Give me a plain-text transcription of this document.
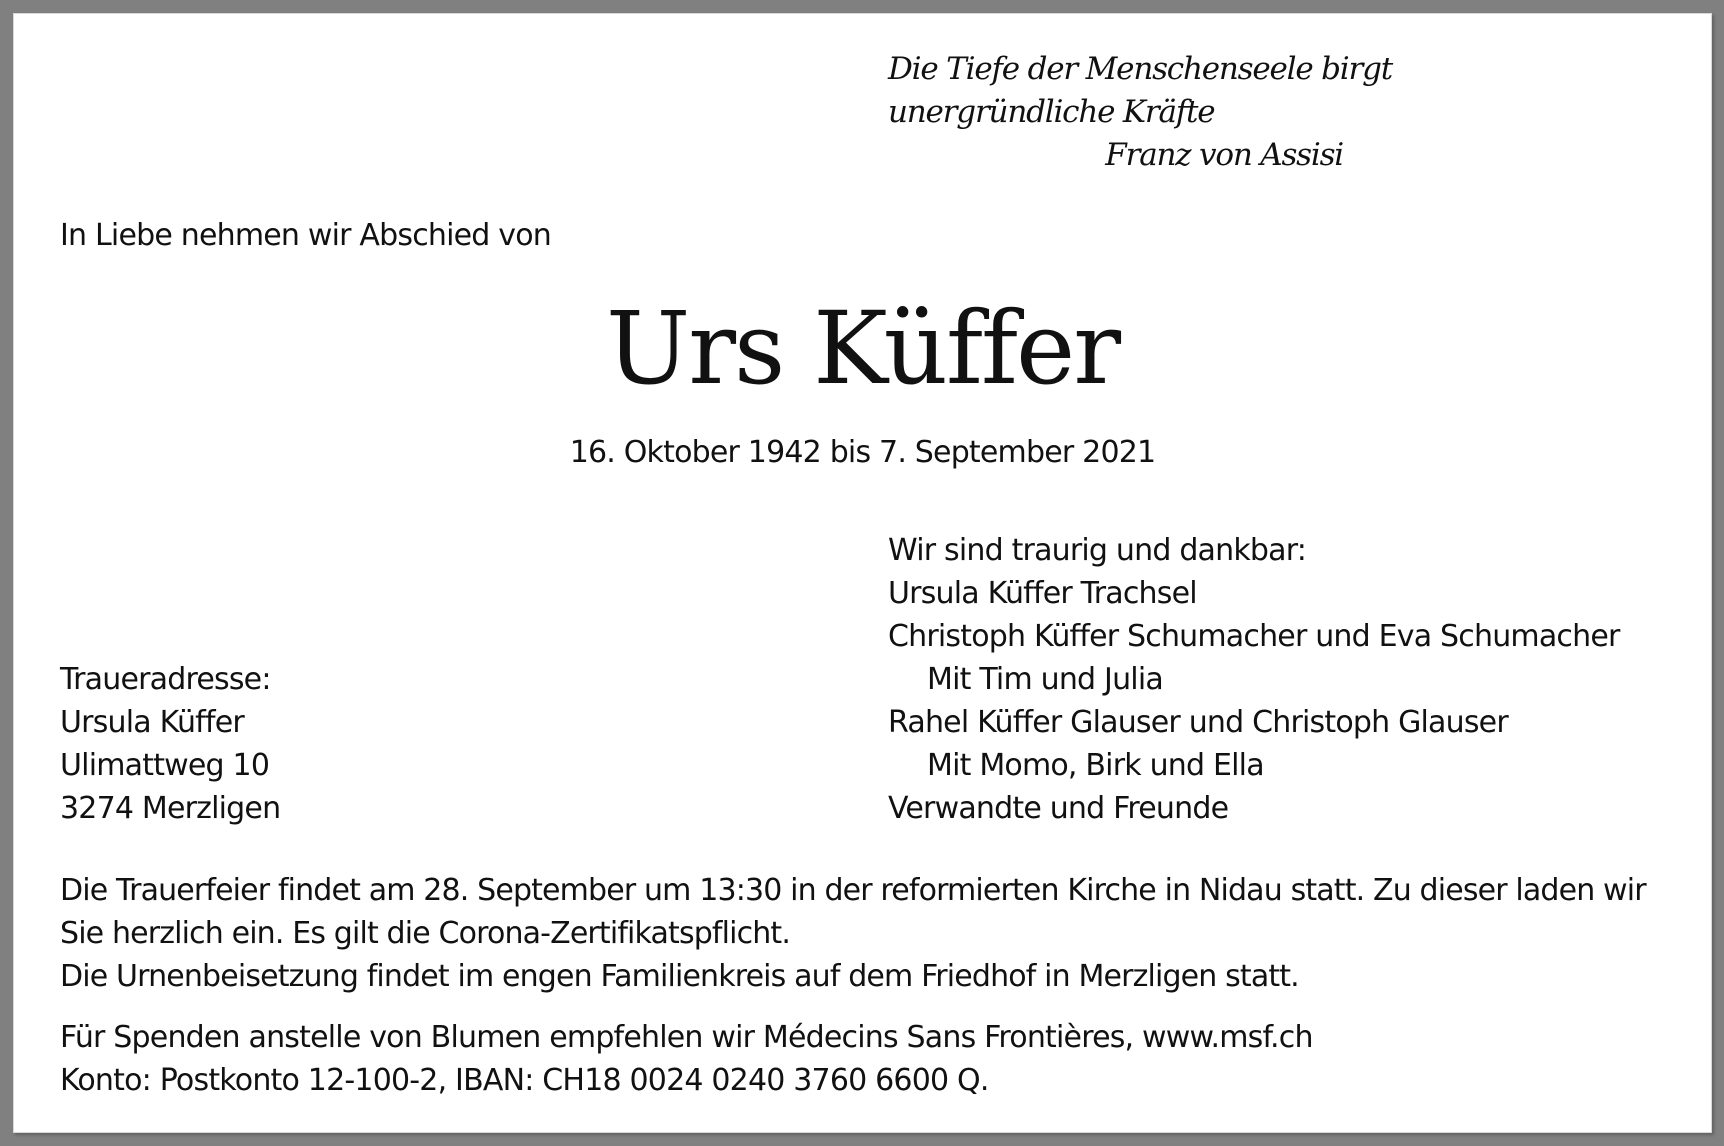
Die Tiefe der Menschenseele birgt
unergründliche Kräfte
Franz von Assisi
In Liebe nehmen wir Abschied von
Urs Küffer
16. Oktober 1942 bis 7. September 2021
Wir sind traurig und dankbar:
Ursula Küffer Trachsel
Christoph Küffer Schumacher und Eva Schumacher
Mit Tim und Julia
Rahel Küffer Glauser und Christoph Glauser
Mit Momo, Birk und Ella
Verwandte und Freunde
Traueradresse:
Ursula Küffer
Ulimattweg 10
3274 Merzligen
Die Trauerfeier findet am 28. September um 13:30 in der reformierten Kirche in Nidau statt. Zu dieser laden wir
Sie herzlich ein. Es gilt die Corona-Zertifikatspflicht.
Die Urnenbeisetzung findet im engen Familienkreis auf dem Friedhof in Merzligen statt.
Für Spenden anstelle von Blumen empfehlen wir Médecins Sans Frontières, www.msf.ch
Konto: Postkonto 12-100-2, IBAN: CH18 0024 0240 3760 6600 Q.
